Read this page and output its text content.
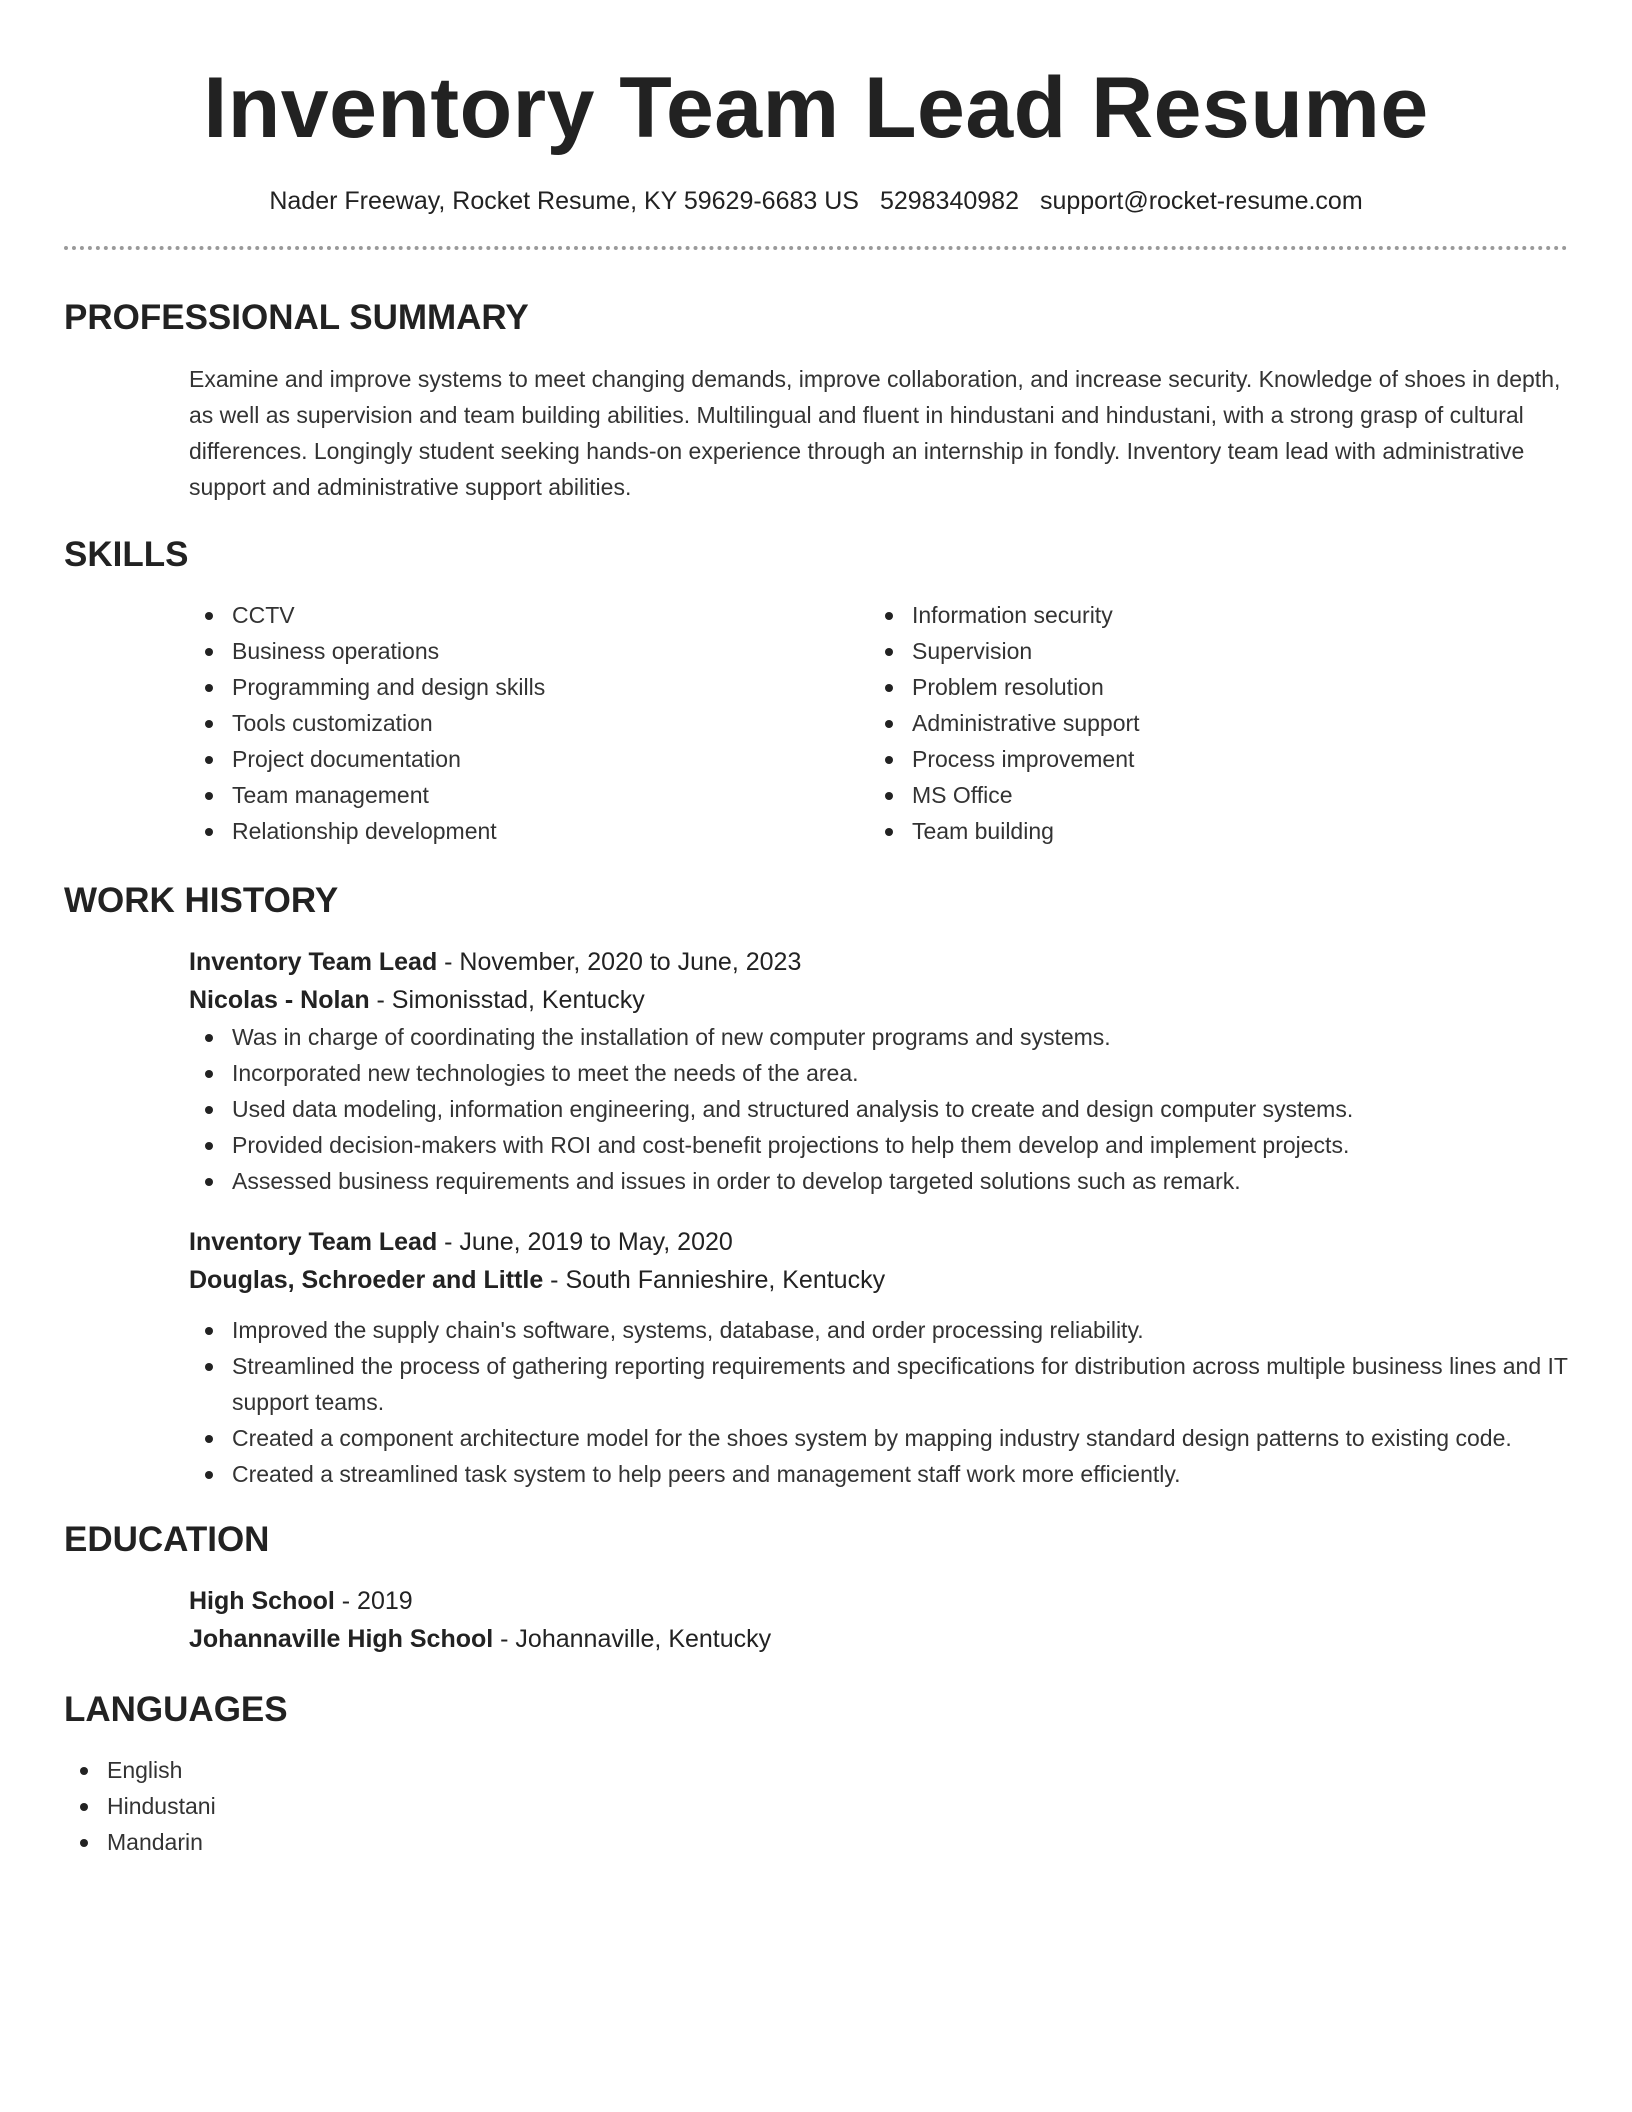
Inventory Team Lead Resume
Nader Freeway, Rocket Resume, KY 59629-6683 US 5298340982 support@rocket-resume.com
PROFESSIONAL SUMMARY

Examine and improve systems to meet changing demands, improve collaboration, and increase security. Knowledge of shoes in depth, as well as supervision and team building abilities. Multilingual and fluent in hindustani and hindustani, with a strong grasp of cultural differences. Longingly student seeking hands-on experience through an internship in fondly. Inventory team lead with administrative support and administrative support abilities.

SKILLS
CCTV
Business operations
Programming and design skills
Tools customization
Project documentation
Team management
Relationship development
Information security
Supervision
Problem resolution
Administrative support
Process improvement
MS Office
Team building
WORK HISTORY
Inventory Team Lead - November, 2020 to June, 2023
Nicolas - Nolan - Simonisstad, Kentucky
Was in charge of coordinating the installation of new computer programs and systems.
Incorporated new technologies to meet the needs of the area.
Used data modeling, information engineering, and structured analysis to create and design computer systems.
Provided decision-makers with ROI and cost-benefit projections to help them develop and implement projects.
Assessed business requirements and issues in order to develop targeted solutions such as remark.
Inventory Team Lead - June, 2019 to May, 2020
Douglas, Schroeder and Little - South Fannieshire, Kentucky
Improved the supply chain's software, systems, database, and order processing reliability.
Streamlined the process of gathering reporting requirements and specifications for distribution across multiple business lines and IT support teams.
Created a component architecture model for the shoes system by mapping industry standard design patterns to existing code.
Created a streamlined task system to help peers and management staff work more efficiently.
EDUCATION
High School - 2019
Johannaville High School - Johannaville, Kentucky
LANGUAGES
English
Hindustani
Mandarin
